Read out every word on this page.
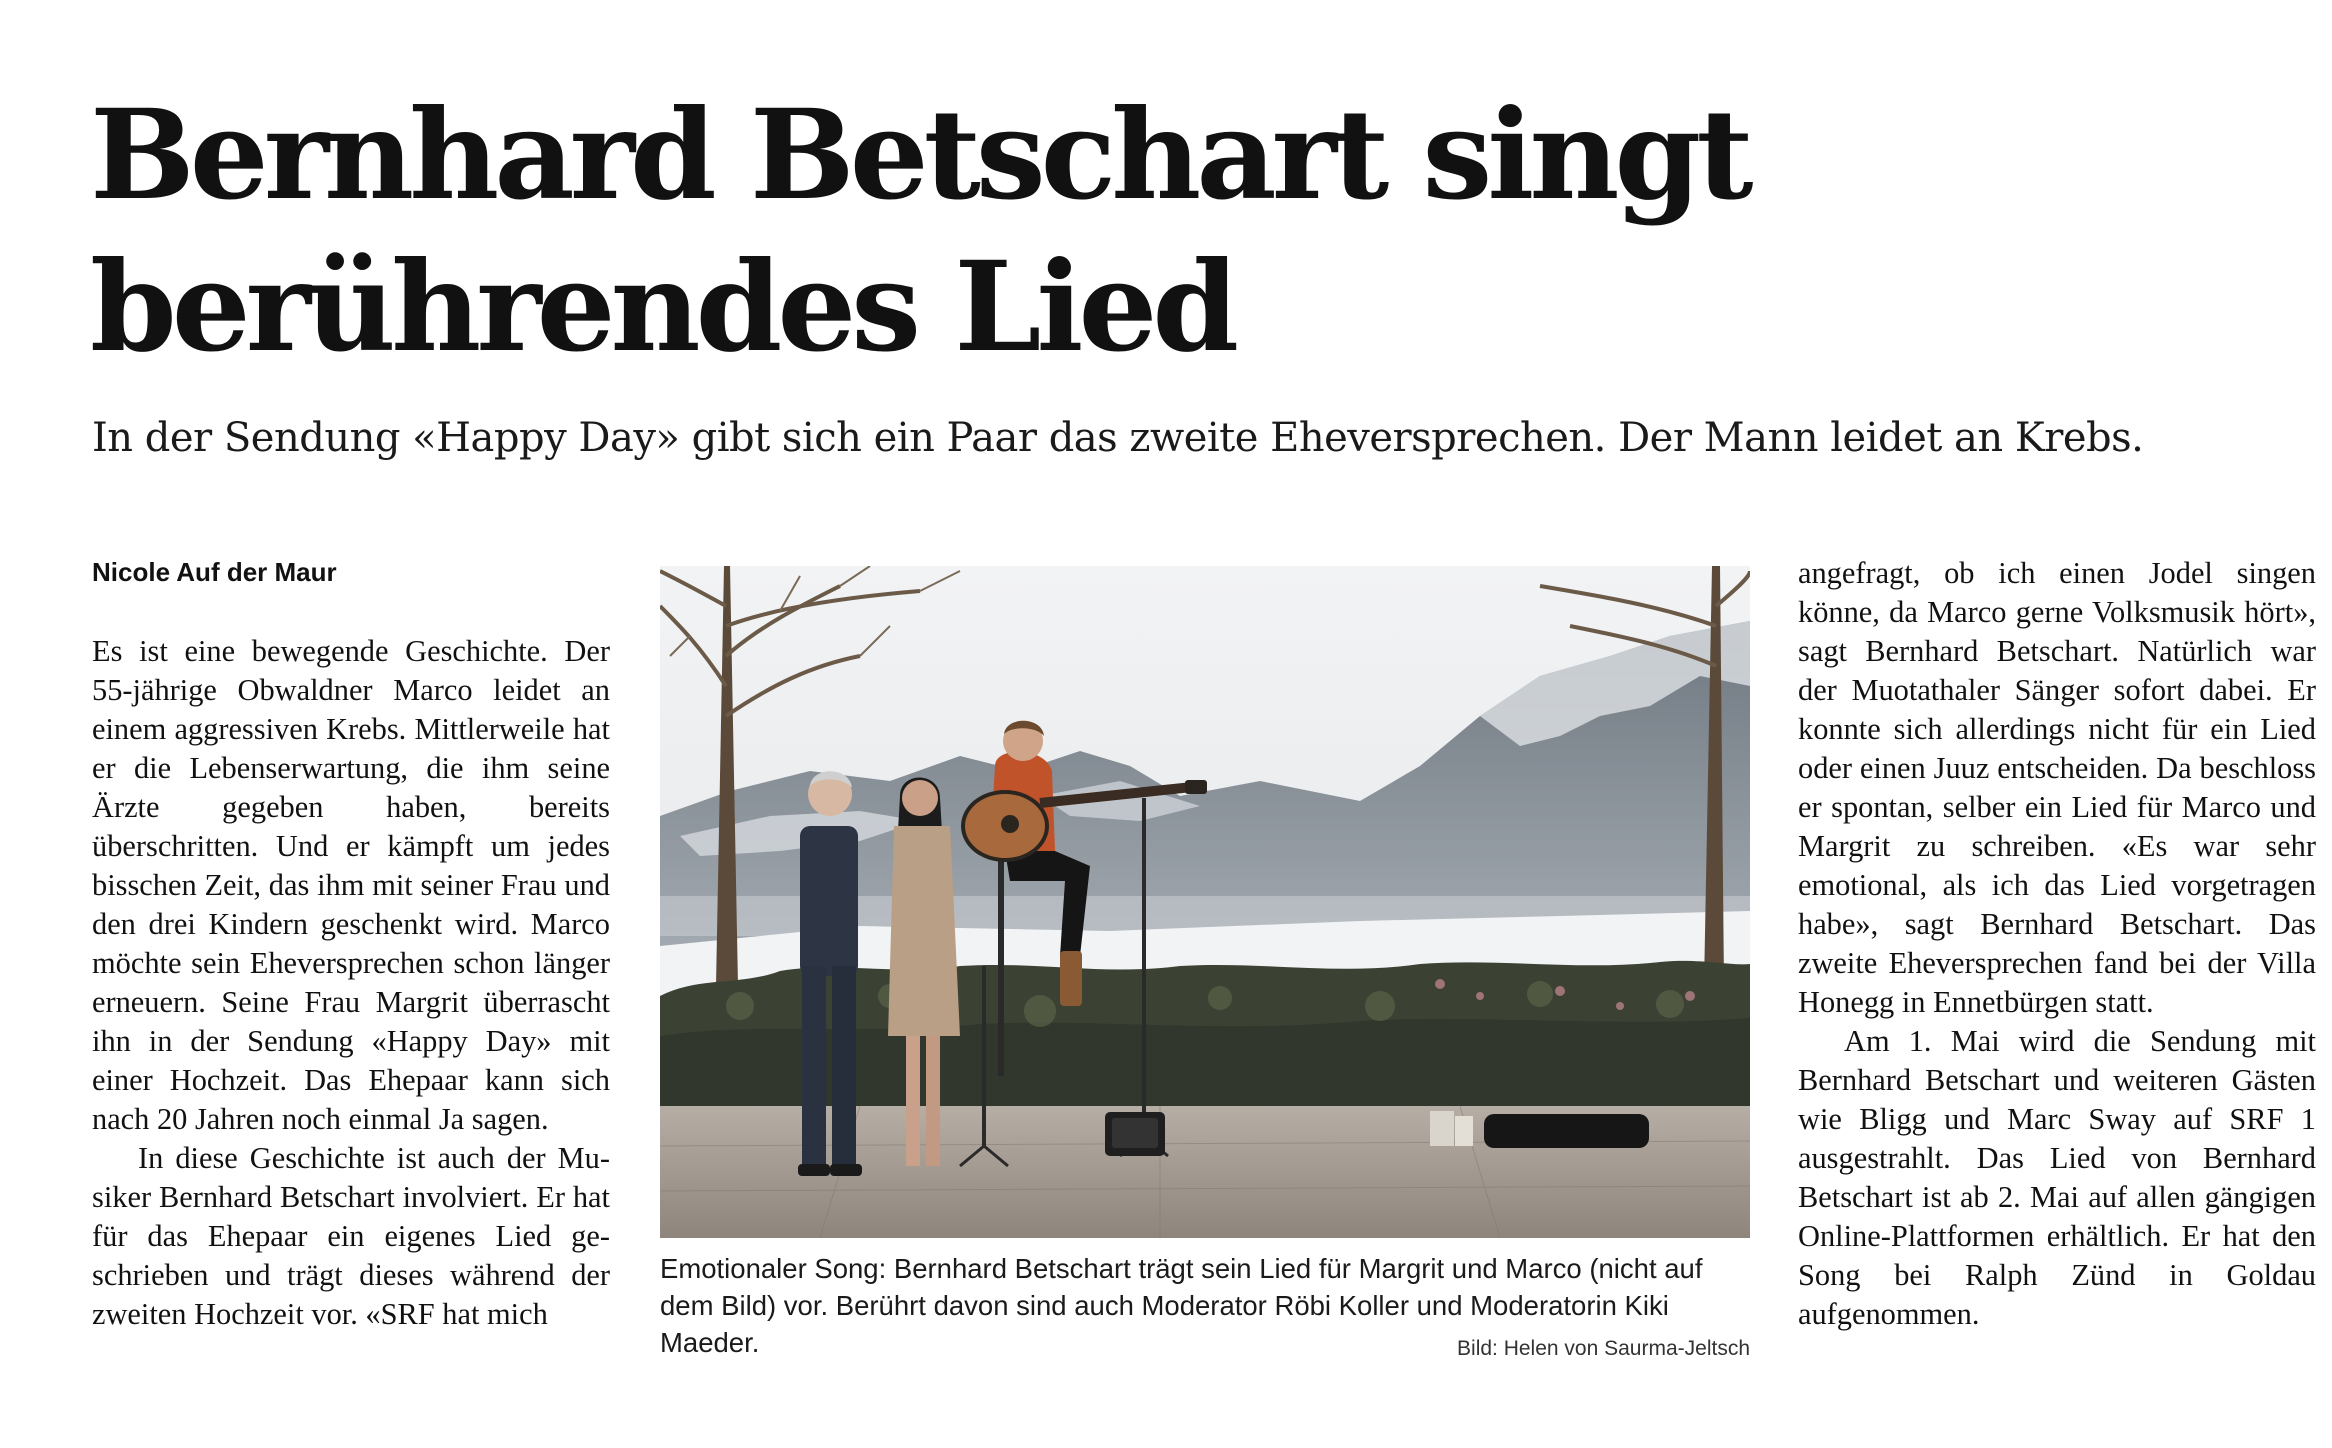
Bernhard Betschart singt
berührendes Lied

In der Sendung «Happy Day» gibt sich ein Paar das zweite Eheversprechen. Der Mann leidet an Krebs.

Nicole Auf der Maur

Es ist eine bewegende Geschichte. Der 55-jährige Obwaldner Marco leidet an einem aggressiven Krebs. Mittlerweile hat er die Lebenserwartung, die ihm seine Ärzte gegeben haben, bereits überschritten. Und er kämpft um jedes bisschen Zeit, das ihm mit seiner Frau und den drei Kindern geschenkt wird. Marco möchte sein Eheversprechen schon länger erneuern. Seine Frau Margrit überrascht ihn in der Sendung «Happy Day» mit einer Hochzeit. Das Ehepaar kann sich nach 20 Jahren noch einmal Ja sagen.

In diese Geschichte ist auch der Musiker Bernhard Betschart involviert. Er hat für das Ehepaar ein eigenes Lied geschrieben und trägt dieses während der zweiten Hochzeit vor. «SRF hat mich

Emotionaler Song: Bernhard Betschart trägt sein Lied für Margrit und Marco (nicht auf dem Bild) vor. Berührt davon sind auch Moderator Röbi Koller und Moderatorin Kiki Maeder.	Bild: Helen von Saurma-Jeltsch

angefragt, ob ich einen Jodel singen könne, da Marco gerne Volksmusik hört», sagt Bernhard Betschart. Natürlich war der Muotathaler Sänger sofort dabei. Er konnte sich allerdings nicht für ein Lied oder einen Juuz entscheiden. Da beschloss er spontan, selber ein Lied für Marco und Margrit zu schreiben. «Es war sehr emotional, als ich das Lied vorgetragen habe», sagt Bernhard Betschart. Das zweite Eheversprechen fand bei der Villa Honegg in Ennetbürgen statt.

Am 1. Mai wird die Sendung mit Bernhard Betschart und weiteren Gästen wie Bligg und Marc Sway auf SRF 1 ausgestrahlt. Das Lied von Bernhard Betschart ist ab 2. Mai auf allen gängigen Online-Plattformen erhältlich. Er hat den Song bei Ralph Zünd in Goldau aufgenommen.
